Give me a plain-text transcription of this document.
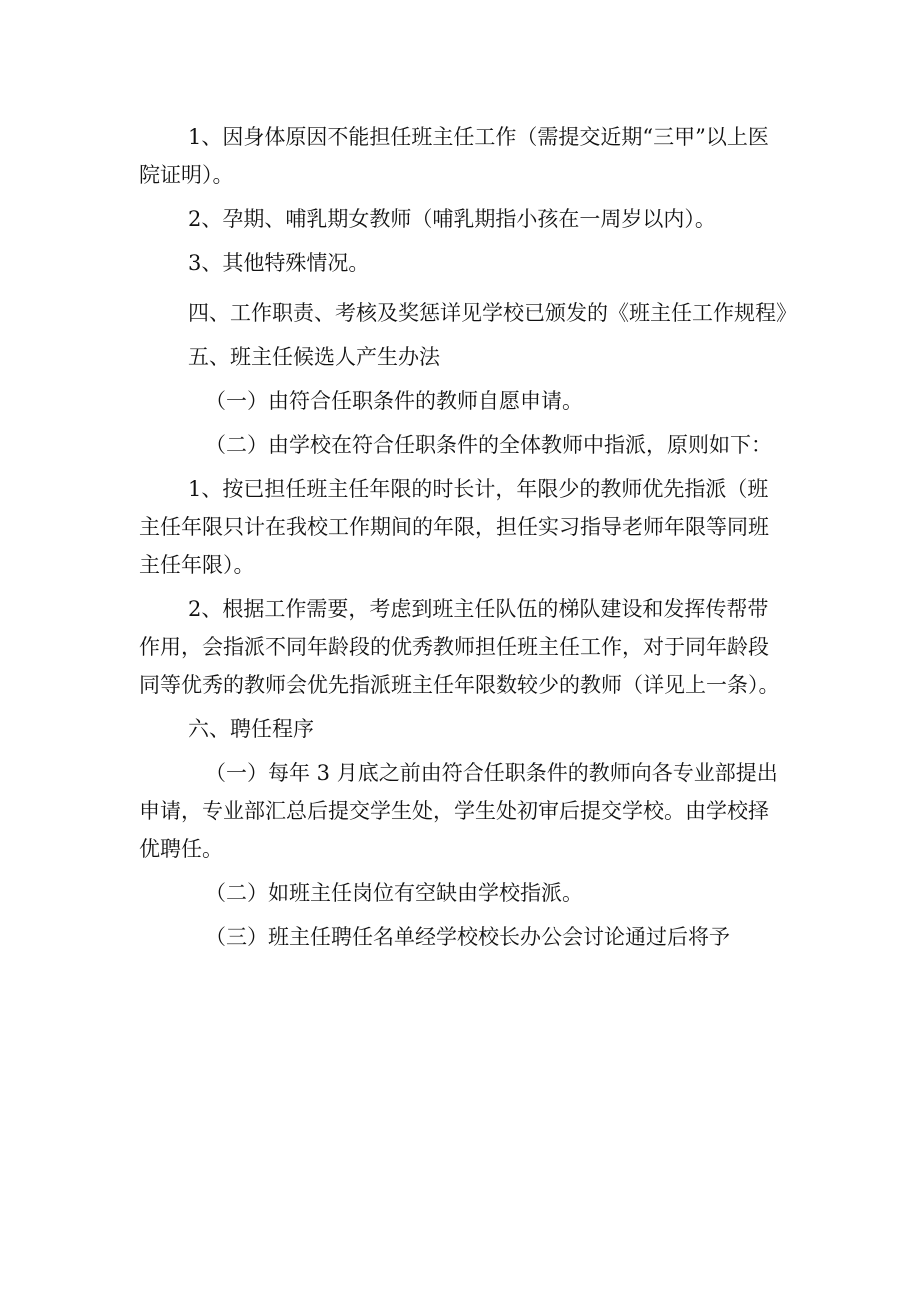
1、因身体原因不能担任班主任工作（需提交近期“三甲”以上医院证明）。

2、孕期、哺乳期女教师（哺乳期指小孩在一周岁以内）。

3、其他特殊情况。

四、工作职责、考核及奖惩详见学校已颁发的《班主任工作规程》

五、班主任候选人产生办法

（一）由符合任职条件的教师自愿申请。

（二）由学校在符合任职条件的全体教师中指派，原则如下：

1、按已担任班主任年限的时长计，年限少的教师优先指派（班主任年限只计在我校工作期间的年限，担任实习指导老师年限等同班主任年限）。

2、根据工作需要，考虑到班主任队伍的梯队建设和发挥传帮带作用，会指派不同年龄段的优秀教师担任班主任工作，对于同年龄段同等优秀的教师会优先指派班主任年限数较少的教师（详见上一条）。

六、聘任程序

（一）每年 3 月底之前由符合任职条件的教师向各专业部提出申请，专业部汇总后提交学生处，学生处初审后提交学校。由学校择优聘任。

（二）如班主任岗位有空缺由学校指派。

（三）班主任聘任名单经学校校长办公会讨论通过后将予
